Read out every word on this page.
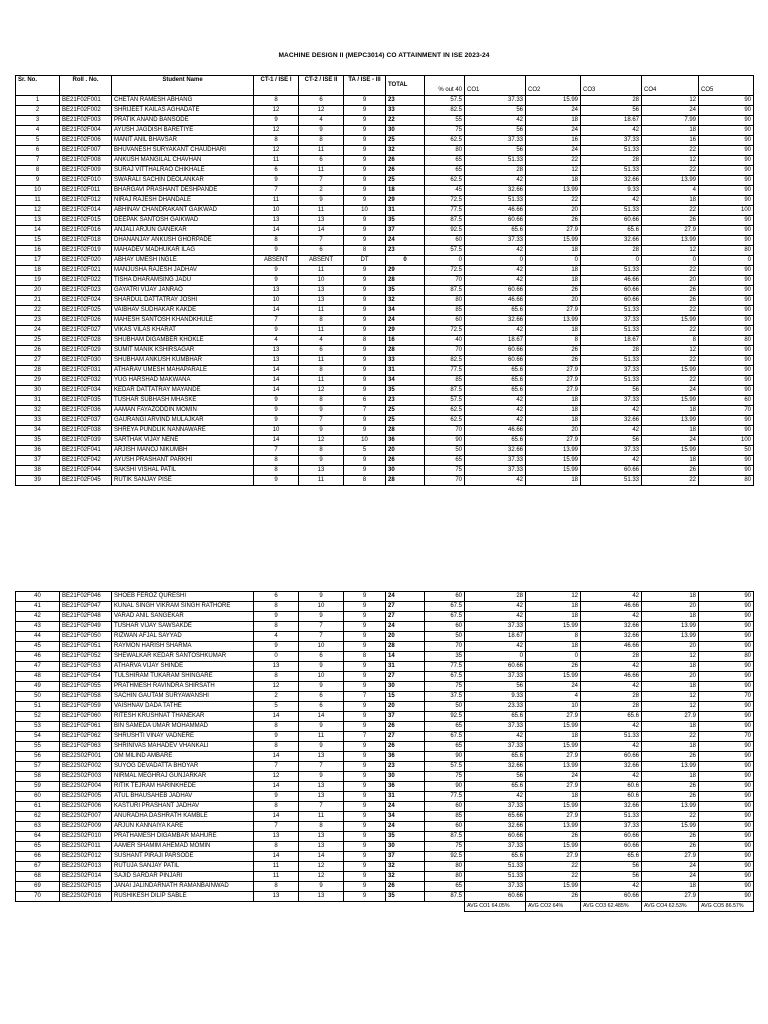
MACHINE DESIGN II (MEPC3014) CO ATTAINMENT IN ISE 2023-24
Sr. No.	Roll . No.	Student Name	CT-1 / ISE I	CT-2 / ISE II	TA / ISE - III	TOTAL	% out 40	CO1	CO2	CO3	CO4	CO5
1	BE21F02F001	CHETAN RAMESH ABHANG	8	6	9	23	57.5	37.33	15.99	28	12	90
2	BE21F02F002	SHRIJEET KAILAS AGHADATE	12	12	9	33	82.5	56	24	56	24	90
3	BE21F02F003	PRATIK ANAND BANSODE	9	4	9	22	55	42	18	18.67	7.99	90
4	BE21F02F004	AYUSH JAGDISH BARETIYE	12	9	9	30	75	56	24	42	18	90
5	BE21F02F006	MANIT ANIL BHAVSAR	8	8	9	25	62.5	37.33	16	37.33	16	90
6	BE21F02F007	BHUVANESH SURYAKANT CHAUDHARI	12	11	9	32	80	56	24	51.33	22	90
7	BE21F02F008	ANKUSH MANGILAL CHAVHAN	11	6	9	26	65	51.33	22	28	12	90
8	BE21F02F009	SURAJ VITTHALRAO CHIKHALE	6	11	9	26	65	28	12	51.33	22	90
9	BE21F02F010	SWARALI SACHIN DEOLANKAR	9	7	9	25	62.5	42	18	32.66	13.99	90
10	BE21F02F011	BHARGAVI PRASHANT DESHPANDE	7	2	9	18	45	32.66	13.99	9.33	4	90
11	BE21F02F012	NIRAJ RAJESH DHANDALE	11	9	9	29	72.5	51.33	22	42	18	90
12	BE21F02F014	ABHINAV CHANDRAKANT GAIKWAD	10	11	10	31	77.5	46.66	20	51.33	22	100
13	BE21F02F015	DEEPAK SANTOSH GAIKWAD	13	13	9	35	87.5	60.66	26	60.66	26	90
14	BE21F02F016	ANJALI ARJUN GANEKAR	14	14	9	37	92.5	65.6	27.9	65.6	27.9	90
15	BE21F02F018	DHANANJAY ANKUSH GHORPADE	8	7	9	24	60	37.33	15.99	32.66	13.99	90
16	BE21F02F019	MAHADEV MADHUKAR ILAG	9	6	8	23	57.5	42	18	28	12	80
17	BE21F02F020	ABHAY UMESH INGLE	ABSENT	ABSENT	DT	0	0	0	0	0	0	0
18	BE21F02F021	MANJUSHA RAJESH JADHAV	9	11	9	29	72.5	42	18	51.33	22	90
19	BE21F02F022	TISHA DHARAMSING JADU	9	10	9	28	70	42	18	46.66	20	90
20	BE21F02F023	GAYATRI VIJAY JANRAO	13	13	9	35	87.5	60.66	26	60.66	26	90
21	BE21F02F024	SHARDUL DATTATRAY JOSHI	10	13	9	32	80	46.66	20	60.66	26	90
22	BE21F02F025	VAIBHAV SUDHAKAR KAKDE	14	11	9	34	85	65.6	27.9	51.33	22	90
23	BE21F02F026	MAHESH SANTOSH KHANDKHULE	7	8	9	24	60	32.66	13.99	37.33	15.99	90
24	BE21F02F027	VIKAS VILAS KHARAT	9	11	9	29	72.5	42	18	51.33	22	90
25	BE21F02F028	SHUBHAM DIGAMBER KHOKLE	4	4	8	16	40	18.67	8	18.67	8	80
26	BE21F02F029	SUMIT MANIK KSHIRSAGAR	13	6	9	28	70	60.66	26	28	12	90
27	BE21F02F030	SHUBHAM ANKUSH KUMBHAR	13	11	9	33	82.5	60.66	26	51.33	22	90
28	BE21F02F031	ATHARAV UMESH MAHAPARALE	14	8	9	31	77.5	65.6	27.9	37.33	15.99	90
29	BE21F02F032	YUG HARSHAD MAKWANA	14	11	9	34	85	65.6	27.9	51.33	22	90
30	BE21F02F034	KEDAR DATTATRAY MAYANDE	14	12	9	35	87.5	65.6	27.9	56	24	90
31	BE21F02F035	TUSHAR SUBHASH MHASKE	9	8	6	23	57.5	42	18	37.33	15.99	60
32	BE21F02F036	AAMAN FAYAZODDIN MOMIN	9	9	7	25	62.5	42	18	42	18	70
33	BE21F02F037	GAURANGI ARVIND MULAJKAR	9	7	9	25	62.5	42	18	32.66	13.99	90
34	BE21F02F038	SHREYA PUNDLIK NANNAWARE	10	9	9	28	70	46.66	20	42	18	90
35	BE21F02F039	SARTHAK VIJAY NENE	14	12	10	36	90	65.6	27.9	56	24	100
36	BE21F02F041	ARJISH MANOJ NIKUMBH	7	8	5	20	50	32.66	13.99	37.33	15.99	50
37	BE21F02F042	AYUSH PRASHANT PARKHI	8	9	9	26	65	37.33	15.99	42	18	90
38	BE21F02F044	SAKSHI VISHAL PATIL	8	13	9	30	75	37.33	15.99	60.66	26	90
39	BE21F02F045	RUTIK SANJAY PISE	9	11	8	28	70	42	18	51.33	22	80
40	BE21F02F046	SHOEB FEROZ QURESHI	6	9	9	24	60	28	12	42	18	90
41	BE21F02F047	KUNAL SINGH VIKRAM SINGH RATHORE	8	10	9	27	67.5	42	18	46.66	20	90
42	BE21F02F048	VARAD ANIL SANGEKAR	9	9	9	27	67.5	42	18	42	18	90
43	BE21F02F049	TUSHAR VIJAY SAWSAKDE	8	7	9	24	60	37.33	15.99	32.66	13.99	90
44	BE21F02F050	RIZWAN AFJAL SAYYAD	4	7	9	20	50	18.67	8	32.66	13.99	90
45	BE21F02F051	RAYMON HARISH SHARMA	9	10	9	28	70	42	18	46.66	20	90
46	BE21F02F052	SHEWALKAR KEDAR SANTOSHKUMAR	0	6	8	14	35	0	0	28	12	80
47	BE21F02F053	ATHARVA VIJAY SHINDE	13	9	9	31	77.5	60.66	26	42	18	90
48	BE21F02F054	TULSHIRAM TUKARAM SHINGARE	8	10	9	27	67.5	37.33	15.99	46.66	20	90
49	BE21F02F055	PRATHMESH RAVINDRA SHIRSATH	12	9	9	30	75	56	24	42	18	90
50	BE21F02F058	SACHIN GAUTAM SURYAWANSHI	2	6	7	15	37.5	9.33	4	28	12	70
51	BE21F02F059	VAISHNAV DADA TATHE	5	6	9	20	50	23.33	10	28	12	90
52	BE21F02F060	RITESH KRUSHNAT THANEKAR	14	14	9	37	92.5	65.6	27.9	65.6	27.9	90
53	BE21F02F061	BIN SAMEDA UMAR MOHAMMAD	8	9	9	26	65	37.33	15.99	42	18	90
54	BE21F02F062	SHRUSHTI VINAY VADNERE	9	11	7	27	67.5	42	18	51.33	22	70
55	BE21F02F063	SHRINIVAS MAHADEV VHANKALI	8	9	9	26	65	37.33	15.99	42	18	90
56	BE22S02F001	OM MILIND AMBARE	14	13	9	36	90	65.6	27.9	60.66	26	90
57	BE22S02F002	SUYOG DEVADATTA BHOYAR	7	7	9	23	57.5	32.66	13.99	32.66	13.99	90
58	BE22S02F003	NIRMAL MEGHRAJ GUNJARKAR	12	9	9	30	75	56	24	42	18	90
59	BE22S02F004	RITIK TEJRAM HARINKHEDE	14	13	9	36	90	65.6	27.9	60.6	26	90
60	BE22S02F005	ATUL BHAUSAHEB JADHAV	9	13	9	31	77.5	42	18	60.6	26	90
61	BE22S02F006	KASTURI PRASHANT JADHAV	8	7	9	24	60	37.33	15.99	32.66	13.99	90
62	BE22S02F007	ANURADHA DASHRATH KAMBLE	14	11	9	34	85	65.66	27.9	51.33	22	90
63	BE22S02F009	ARJUN KANNAIYA KARE	7	8	9	24	60	32.66	13.99	37.33	15.99	90
64	BE22S02F010	PRATHAMESH DIGAMBAR MAHURE	13	13	9	35	87.5	60.66	26	60.66	26	90
65	BE22S02F011	AAMER SHAMIM AHEMAD MOMIN	8	13	9	30	75	37.33	15.99	60.66	26	90
66	BE22S02F012	SUSHANT PIRAJI PARSODE	14	14	9	37	92.5	65.6	27.9	65.6	27.9	90
67	BE22S02F013	RUTUJA SANJAY PATIL	11	12	9	32	80	51.33	22	56	24	90
68	BE22S02F014	SAJID SARDAR PINJARI	11	12	9	32	80	51.33	22	56	24	90
69	BE22S02F015	JANAI JALINDARNATH RAMANBAINWAD	8	9	9	26	65	37.33	15.99	42	18	90
70	BE22S02F016	RUSHIKESH DILIP SABLE	13	13	9	35	87.5	60.66	26	60.66	27.9	90
								AVG CO1 64.05%	AVG CO2 64%	AVG CO3 62.485%	AVG CO4 62.53%	AVG CO5 86.57%
